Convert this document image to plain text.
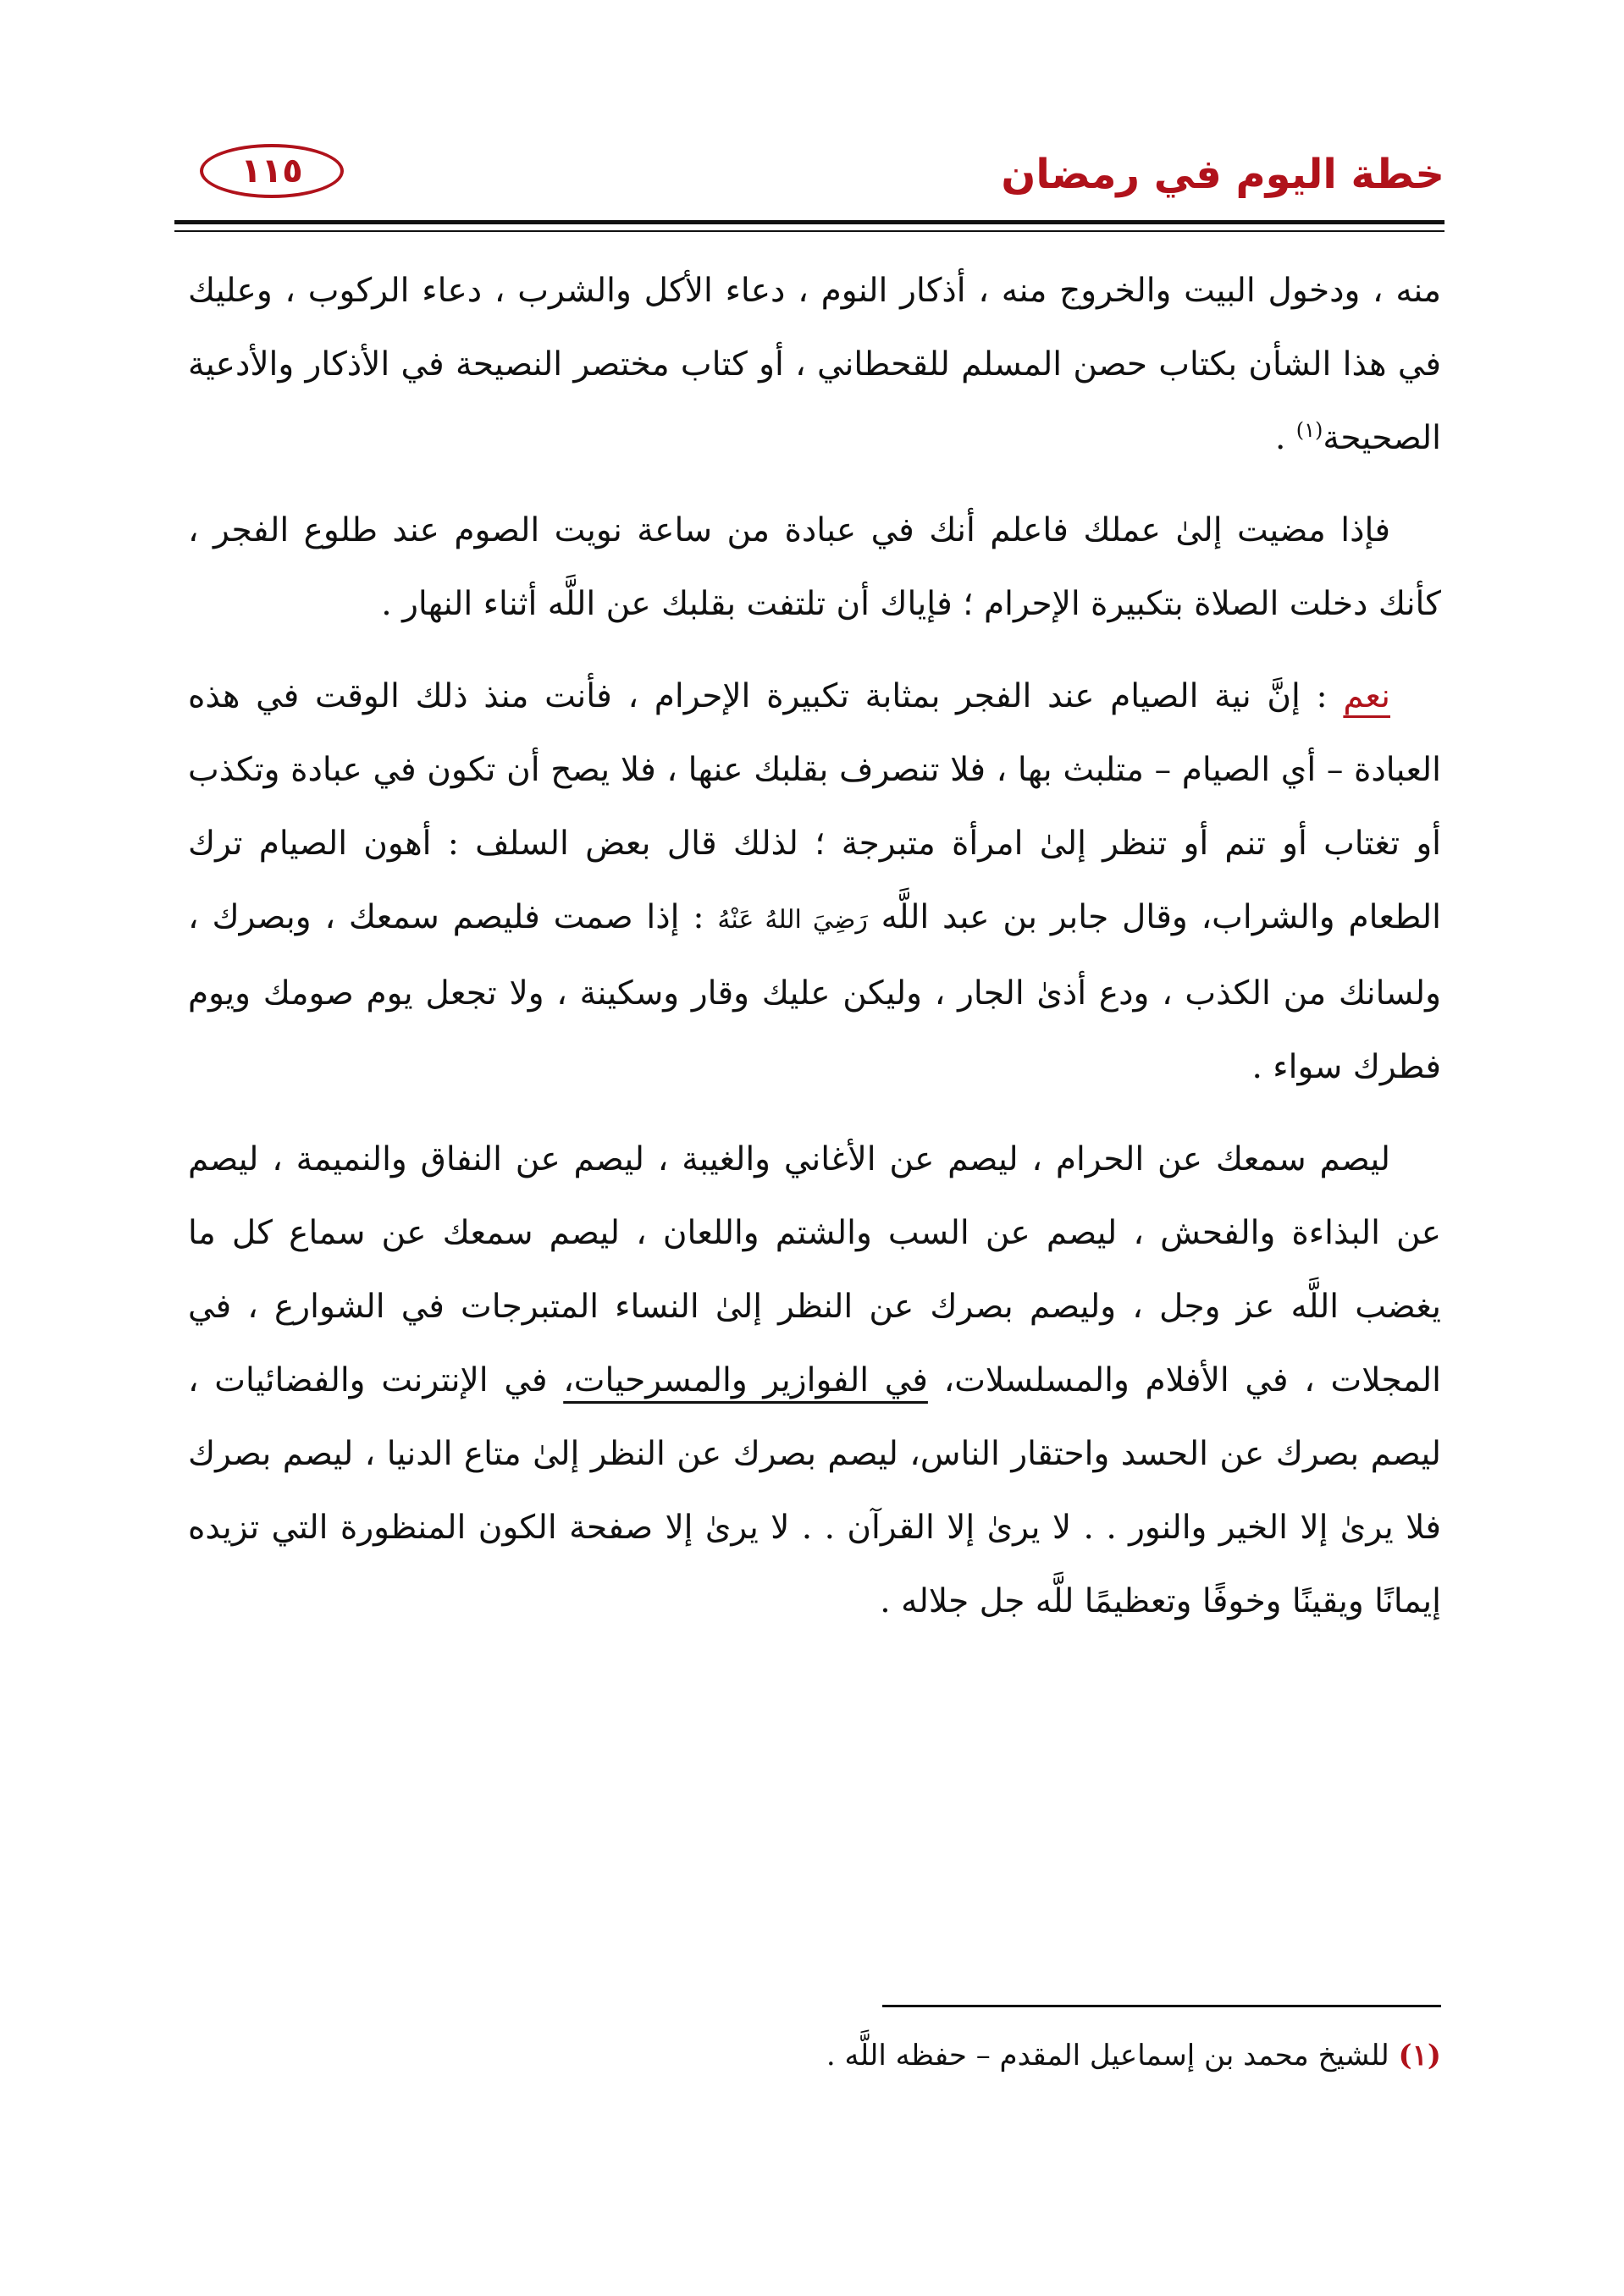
خطة اليوم في رمضان
١١٥

منه ، ودخول البيت والخروج منه ، أذكار النوم ، دعاء الأكل والشرب ، دعاء الركوب ، وعليك في هذا الشأن بكتاب حصن المسلم للقحطاني ، أو كتاب مختصر النصيحة في الأذكار والأدعية الصحيحة$^{(١)}$ .

فإذا مضيت إلىٰ عملك فاعلم أنك في عبادة من ساعة نويت الصوم عند طلوع الفجر ، كأنك دخلت الصلاة بتكبيرة الإحرام ؛ فإياك أن تلتفت بقلبك عن اللَّه أثناء النهار .

نعم : إنَّ نية الصيام عند الفجر بمثابة تكبيرة الإحرام ، فأنت منذ ذلك الوقت في هذه العبادة – أي الصيام – متلبث بها ، فلا تنصرف بقلبك عنها ، فلا يصح أن تكون في عبادة وتكذب أو تغتاب أو تنم أو تنظر إلىٰ امرأة متبرجة ؛ لذلك قال بعض السلف : أهون الصيام ترك الطعام والشراب، وقال جابر بن عبد اللَّه رَضِيَ اللهُ عَنْهُ : إذا صمت فليصم سمعك ، وبصرك ، ولسانك من الكذب ، ودع أذىٰ الجار ، وليكن عليك وقار وسكينة ، ولا تجعل يوم صومك ويوم فطرك سواء .

ليصم سمعك عن الحرام ، ليصم عن الأغاني والغيبة ، ليصم عن النفاق والنميمة ، ليصم عن البذاءة والفحش ، ليصم عن السب والشتم واللعان ، ليصم سمعك عن سماع كل ما يغضب اللَّه عز وجل ، وليصم بصرك عن النظر إلىٰ النساء المتبرجات في الشوارع ، في المجلات ، في الأفلام والمسلسلات، في الفوازير والمسرحيات، في الإنترنت والفضائيات ، ليصم بصرك عن الحسد واحتقار الناس، ليصم بصرك عن النظر إلىٰ متاع الدنيا ، ليصم بصرك فلا يرىٰ إلا الخير والنور . . لا يرىٰ إلا القرآن . . لا يرىٰ إلا صفحة الكون المنظورة التي تزيده إيمانًا ويقينًا وخوفًا وتعظيمًا للَّه جل جلاله .

(١) للشيخ محمد بن إسماعيل المقدم – حفظه اللَّه .
